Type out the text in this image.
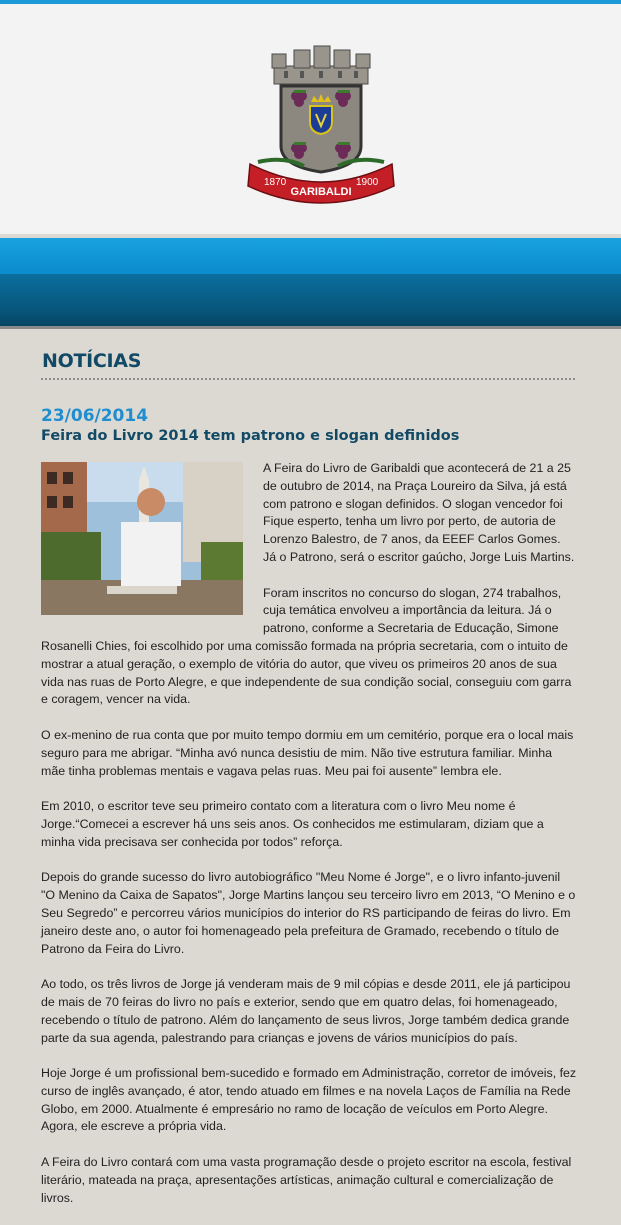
1870
GARIBALDI
1900
NOTÍCIAS
23/06/2014
Feira do Livro 2014 tem patrono e slogan definidos

A Feira do Livro de Garibaldi que acontecerá de 21 a 25 de outubro de 2014, na Praça Loureiro da Silva, já está com patrono e slogan definidos. O slogan vencedor foi Fique esperto, tenha um livro por perto, de autoria de Lorenzo Balestro, de 7 anos, da EEEF Carlos Gomes. Já o Patrono, será o escritor gaúcho, Jorge Luis Martins.

Foram inscritos no concurso do slogan, 274 trabalhos, cuja temática envolveu a importância da leitura. Já o patrono, conforme a Secretaria de Educação, Simone Rosanelli Chies, foi escolhido por uma comissão formada na própria secretaria, com o intuito de mostrar a atual geração, o exemplo de vitória do autor, que viveu os primeiros 20 anos de sua vida nas ruas de Porto Alegre, e que independente de sua condição social, conseguiu com garra e coragem, vencer na vida.

O ex-menino de rua conta que por muito tempo dormiu em um cemitério, porque era o local mais seguro para me abrigar. “Minha avó nunca desistiu de mim. Não tive estrutura familiar. Minha mãe tinha problemas mentais e vagava pelas ruas. Meu pai foi ausente” lembra ele.

Em 2010, o escritor teve seu primeiro contato com a literatura com o livro Meu nome é Jorge.“Comecei a escrever há uns seis anos. Os conhecidos me estimularam, diziam que a minha vida precisava ser conhecida por todos” reforça.

Depois do grande sucesso do livro autobiográfico "Meu Nome é Jorge", e o livro infanto-juvenil "O Menino da Caixa de Sapatos", Jorge Martins lançou seu terceiro livro em 2013, “O Menino e o Seu Segredo” e percorreu vários municípios do interior do RS participando de feiras do livro. Em janeiro deste ano, o autor foi homenageado pela prefeitura de Gramado, recebendo o título de Patrono da Feira do Livro.

Ao todo, os três livros de Jorge já venderam mais de 9 mil cópias e desde 2011, ele já participou de mais de 70 feiras do livro no país e exterior, sendo que em quatro delas, foi homenageado, recebendo o título de patrono. Além do lançamento de seus livros, Jorge também dedica grande parte da sua agenda, palestrando para crianças e jovens de vários municípios do país.

Hoje Jorge é um profissional bem-sucedido e formado em Administração, corretor de imóveis, fez curso de inglês avançado, é ator, tendo atuado em filmes e na novela Laços de Família na Rede Globo, em 2000. Atualmente é empresário no ramo de locação de veículos em Porto Alegre. Agora, ele escreve a própria vida.

A Feira do Livro contará com uma vasta programação desde o projeto escritor na escola, festival literário, mateada na praça, apresentações artísticas, animação cultural e comercialização de livros.
